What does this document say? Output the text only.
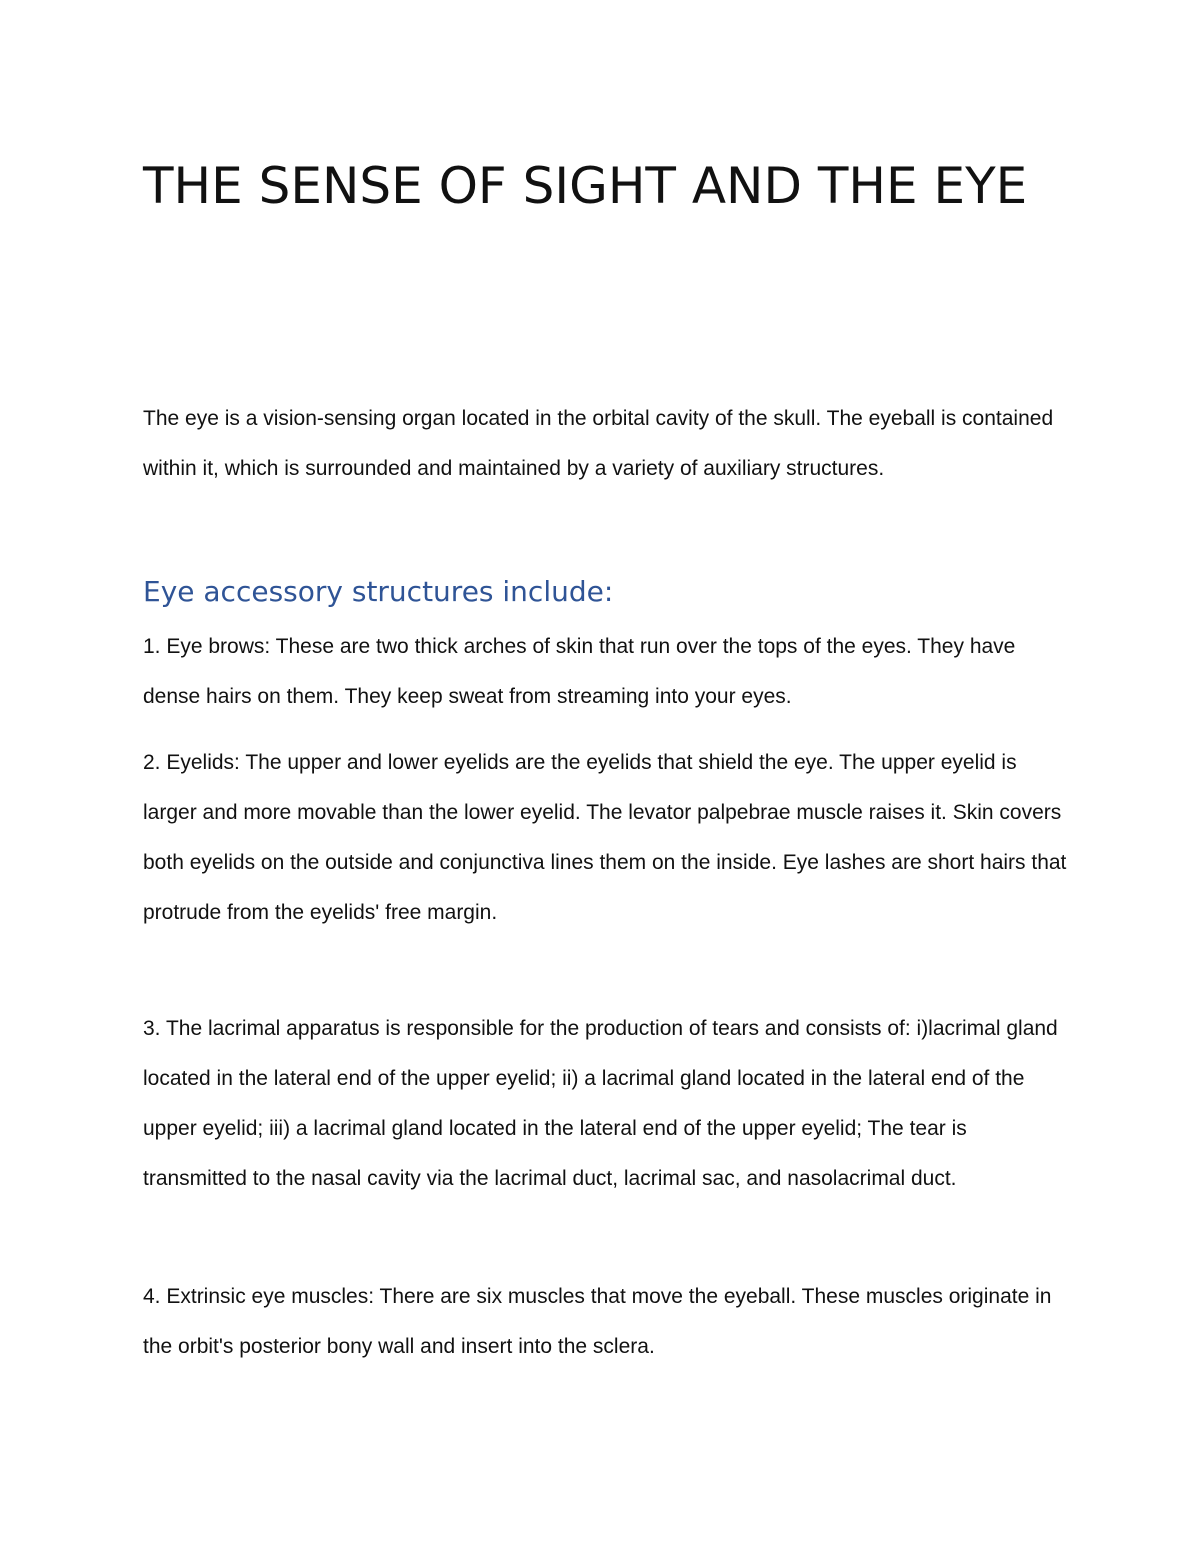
THE SENSE OF SIGHT AND THE EYE

The eye is a vision-sensing organ located in the orbital cavity of the skull. The eyeball is contained within it, which is surrounded and maintained by a variety of auxiliary structures.

Eye accessory structures include:

1. Eye brows: These are two thick arches of skin that run over the tops of the eyes. They have dense hairs on them. They keep sweat from streaming into your eyes.

2. Eyelids: The upper and lower eyelids are the eyelids that shield the eye. The upper eyelid is larger and more movable than the lower eyelid. The levator palpebrae muscle raises it. Skin covers both eyelids on the outside and conjunctiva lines them on the inside. Eye lashes are short hairs that protrude from the eyelids' free margin.

3. The lacrimal apparatus is responsible for the production of tears and consists of: i)lacrimal gland located in the lateral end of the upper eyelid; ii) a lacrimal gland located in the lateral end of the upper eyelid; iii) a lacrimal gland located in the lateral end of the upper eyelid; The tear is transmitted to the nasal cavity via the lacrimal duct, lacrimal sac, and nasolacrimal duct.

4. Extrinsic eye muscles: There are six muscles that move the eyeball. These muscles originate in the orbit's posterior bony wall and insert into the sclera.
